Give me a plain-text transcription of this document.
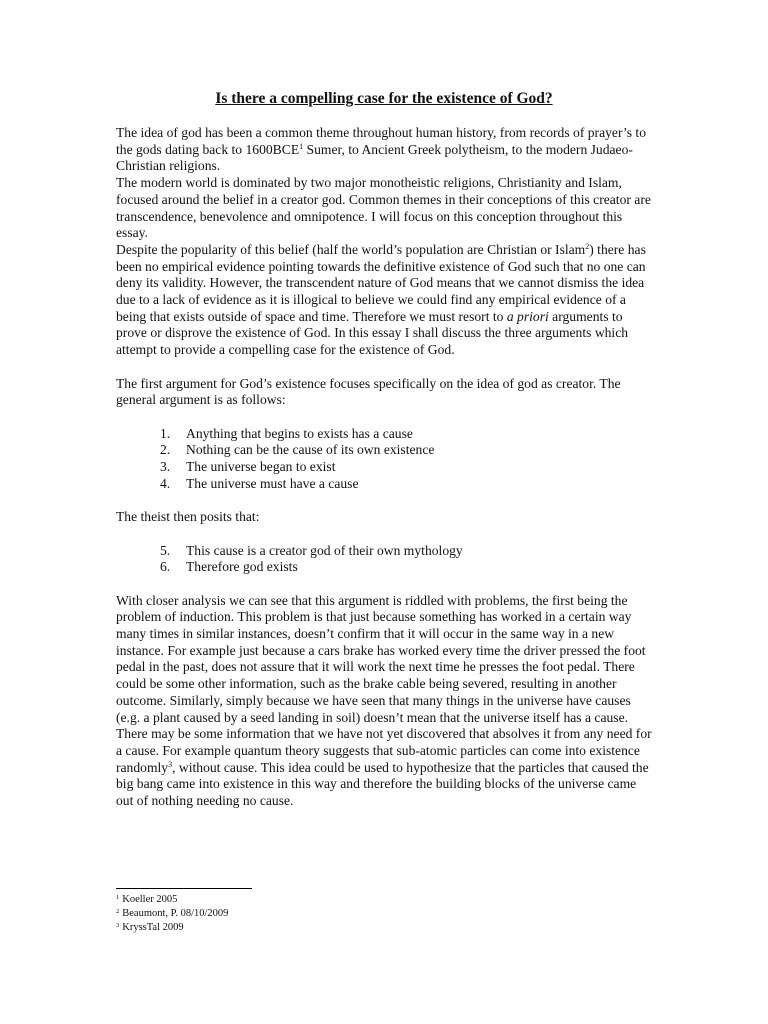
Is there a compelling case for the existence of God?

The idea of god has been a common theme throughout human history, from records of prayer’s to the gods dating back to 1600BCE$^1$ Sumer, to Ancient Greek polytheism, to the modern Judaeo-Christian religions.

The modern world is dominated by two major monotheistic religions, Christianity and Islam, focused around the belief in a creator god. Common themes in their conceptions of this creator are transcendence, benevolence and omnipotence. I will focus on this conception throughout this essay.

Despite the popularity of this belief (half the world’s population are Christian or Islam$^2$) there has been no empirical evidence pointing towards the definitive existence of God such that no one can deny its validity. However, the transcendent nature of God means that we cannot dismiss the idea due to a lack of evidence as it is illogical to believe we could find any empirical evidence of a being that exists outside of space and time. Therefore we must resort to a priori arguments to prove or disprove the existence of God. In this essay I shall discuss the three arguments which attempt to provide a compelling case for the existence of God.

The first argument for God’s existence focuses specifically on the idea of god as creator. The general argument is as follows:

1.	Anything that begins to exists has a cause
2.	Nothing can be the cause of its own existence
3.	The universe began to exist
4.	The universe must have a cause

The theist then posits that:

5.	This cause is a creator god of their own mythology
6.	Therefore god exists

With closer analysis we can see that this argument is riddled with problems, the first being the problem of induction. This problem is that just because something has worked in a certain way many times in similar instances, doesn’t confirm that it will occur in the same way in a new instance. For example just because a cars brake has worked every time the driver pressed the foot pedal in the past, does not assure that it will work the next time he presses the foot pedal. There could be some other information, such as the brake cable being severed, resulting in another outcome. Similarly, simply because we have seen that many things in the universe have causes (e.g. a plant caused by a seed landing in soil) doesn’t mean that the universe itself has a cause. There may be some information that we have not yet discovered that absolves it from any need for a cause. For example quantum theory suggests that sub-atomic particles can come into existence randomly$^3$, without cause. This idea could be used to hypothesize that the particles that caused the big bang came into existence in this way and therefore the building blocks of the universe came out of nothing needing no cause.

$^1$ Koeller 2005
$^2$ Beaumont, P. 08/10/2009
$^3$ KryssTal 2009
